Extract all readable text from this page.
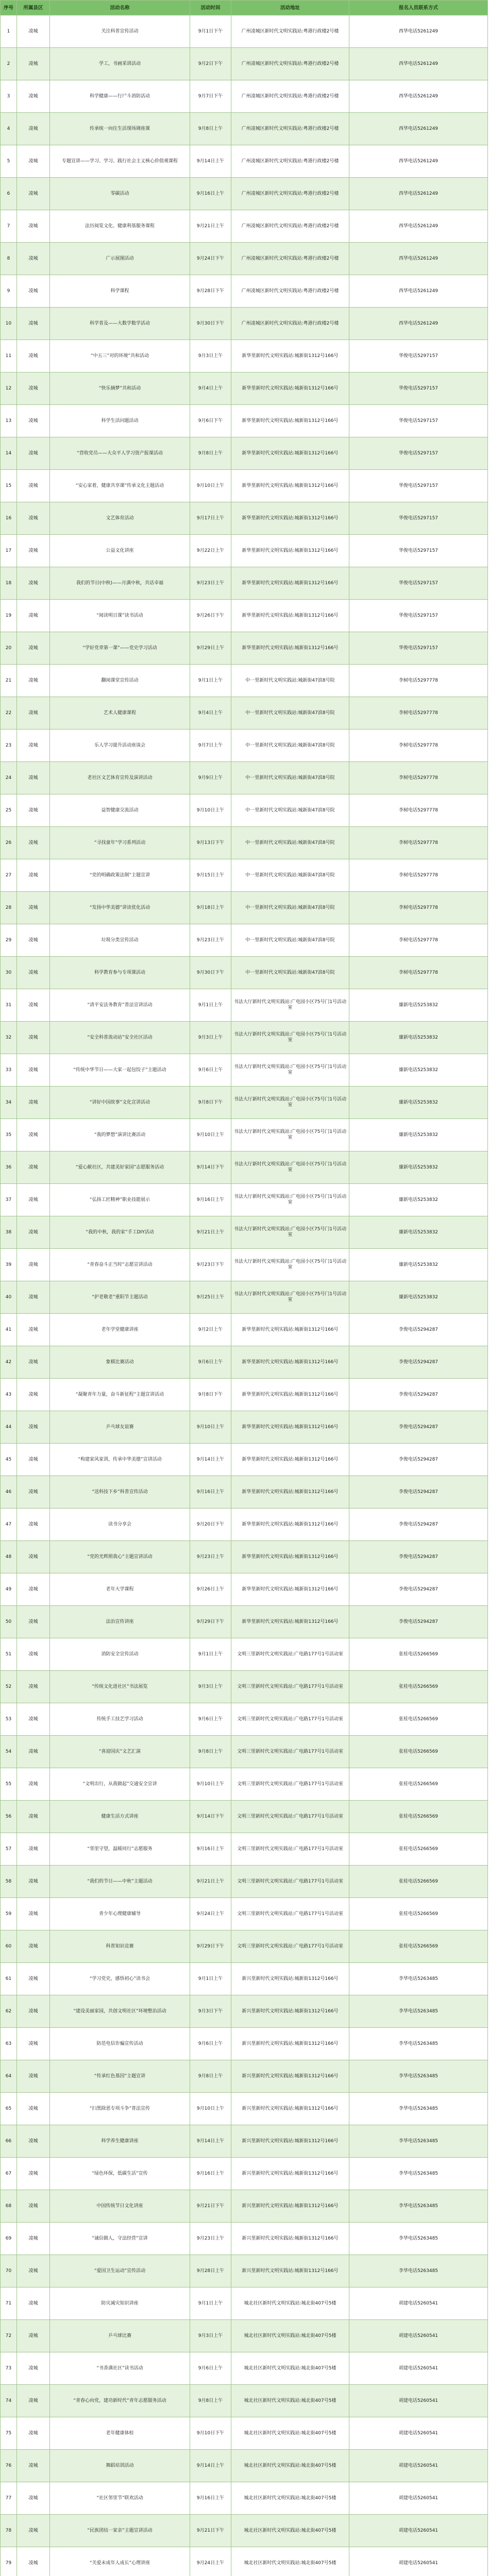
序号	所属县区	活动名称	活动时间	活动地址	报名人员联系方式
1	凌城	关注科普宣传活动	9月1日下午	广州凌城区新时代文明实践站:粤港行政楼2号楼	西华电话5261249
2	凌城	学工，书画采训活动	9月2日下午	广州凌城区新时代文明实践站:粤港行政楼2号楼	西华电话5261249
3	凌城	科学健康——行尸斗消防活动	9月7日下午	广州凌城区新时代文明实践站:粤港行政楼2号楼	西华电话5261249
4	凌城	传承统一向往生活现场调座课	9月8日上午	广州凌城区新时代文明实践站:粤港行政楼2号楼	西华电话5261249
5	凌城	专题宣讲——学习、学习、践行社会主义核心价值观课程	9月14日上午	广州凌城区新时代文明实践站:粤港行政楼2号楼	西华电话5261249
6	凌城	零碳活动	9月16日上午	广州凌城区新时代文明实践站:粤港行政楼2号楼	西华电话5261249
7	凌城	法历阅览文化、健康利基服务课程	9月21日上午	广州凌城区新时代文明实践站:粤港行政楼2号楼	西华电话5261249
8	凌城	广示展图活动	9月24日下午	广州凌城区新时代文明实践站:粤港行政楼2号楼	西华电话5261249
9	凌城	科学课程	9月28日下午	广州凌城区新时代文明实践站:粤港行政楼2号楼	西华电话5261249
10	凌城	科学普及——大数学数学活动	9月30日下午	广州凌城区新时代文明实践站:粤港行政楼2号楼	西华电话5261249
11	凌城	“中五三”对的环境”共和活动	9月3日上午	新华里新时代文明实践站:城新街1312号166号	华俊电话5297157
12	凌城	“快乐摘梦”共和活动	9月4日上午	新华里新时代文明实践站:城新街1312号166号	华俊电话5297157
13	凌城	科学生活问题活动	9月6日下午	新华里新时代文明实践站:城新街1312号166号	华俊电话5297157
14	凌城	“营收党员——大众平人学习资产报课活动	9月8日上午	新华里新时代文明实践站:城新街1312号166号	华俊电话5297157
15	凌城	“安心家着，健康共享课”传承文化主题活动	9月10日上午	新华里新时代文明实践站:城新街1312号166号	华俊电话5297157
16	凌城	文艺体育活动	9月17日上午	新华里新时代文明实践站:城新街1312号166号	华俊电话5297157
17	凌城	公益文化讲座	9月22日上午	新华里新时代文明实践站:城新街1312号166号	华俊电话5297157
18	凌城	我们的节日(中秋)——月满中秋，共话幸福	9月23日上午	新华里新时代文明实践站:城新街1312号166号	华俊电话5297157
19	凌城	“阅读明日课”读书活动	9月26日下午	新华里新时代文明实践站:城新街1312号166号	华俊电话5297157
20	凌城	“学好党章第一课”——党史学习活动	9月29日上午	新华里新时代文明实践站:城新街1312号166号	华俊电话5297157
21	凌城	翻阅课堂宣传活动	9月1日上午	中一里新时代文明实践站:城新街47滨8号院	李树电话5297778
22	凌城	艺术人健康课程	9月4日上午	中一里新时代文明实践站:城新街47滨8号院	李树电话5297778
23	凌城	乐人学习提升活动座谈会	9月7日上午	中一里新时代文明实践站:城新街47滨8号院	李树电话5297778
24	凌城	老社区文艺体育宣传及演讲活动	9月9日上午	中一里新时代文明实践站:城新街47滨8号院	李树电话5297778
25	凌城	益智健康交流活动	9月10日上午	中一里新时代文明实践站:城新街47滨8号院	李树电话5297778
26	凌城	“寻找童年”学习系列活动	9月13日下午	中一里新时代文明实践站:城新街47滨8号院	李树电话5297778
27	凌城	“党的明确政策法制”主题宣讲	9月15日上午	中一里新时代文明实践站:城新街47滨8号院	李树电话5297778
28	凌城	“发扬中华美德”讲读优化活动	9月18日上午	中一里新时代文明实践站:城新街47滨8号院	李树电话5297778
29	凌城	垃圾分类宣传活动	9月23日上午	中一里新时代文明实践站:城新街47滨8号院	李树电话5297778
30	凌城	科学教育参与专项课活动	9月30日下午	中一里新时代文明实践站:城新街47滨8号院	李树电话5297778
31	凌城	“清平安法务教育”普法宣讲活动	9月1日上午	书法大厅新时代文明实践站:广电园小区75号门1号活动室	廉新电话5253832
32	凌城	“安全科普流动站”安全社区活动	9月3日上午	书法大厅新时代文明实践站:广电园小区75号门1号活动室	廉新电话5253832
33	凌城	“传统中华节日——大家一起包饺子”主题活动	9月6日上午	书法大厅新时代文明实践站:广电园小区75号门1号活动室	廉新电话5253832
34	凌城	“讲好中国故事”文化宣讲活动	9月8日下午	书法大厅新时代文明实践站:广电园小区75号门1号活动室	廉新电话5253832
35	凌城	“我的梦想”演讲比赛活动	9月10日上午	书法大厅新时代文明实践站:广电园小区75号门1号活动室	廉新电话5253832
36	凌城	“爱心献社区，共建美好家园”志愿服务活动	9月14日下午	书法大厅新时代文明实践站:广电园小区75号门1号活动室	廉新电话5253832
37	凌城	“弘扬工匠精神”职业技能展示	9月16日上午	书法大厅新时代文明实践站:广电园小区75号门1号活动室	廉新电话5253832
38	凌城	“我的中秋，我的家”手工DIY活动	9月21日上午	书法大厅新时代文明实践站:广电园小区75号门1号活动室	廉新电话5253832
39	凌城	“青春奋斗正当时”志愿宣讲活动	9月23日下午	书法大厅新时代文明实践站:广电园小区75号门1号活动室	廉新电话5253832
40	凌城	“护老敬老”重阳节主题活动	9月25日上午	书法大厅新时代文明实践站:广电园小区75号门1号活动室	廉新电话5253832
41	凌城	老年学堂健康讲座	9月2日上午	新华里新时代文明实践站:城新街1312号166号	李俊电话5294287
42	凌城	象棋比赛活动	9月6日上午	新华里新时代文明实践站:城新街1312号166号	李俊电话5294287
43	凌城	“凝聚青年力量，奋斗新征程”主题宣讲活动	9月8日下午	新华里新时代文明实践站:城新街1312号166号	李俊电话5294287
44	凌城	乒乓球友谊赛	9月10日上午	新华里新时代文明实践站:城新街1312号166号	李俊电话5294287
45	凌城	“构建家风家训，传承中华美德”宣讲活动	9月14日上午	新华里新时代文明实践站:城新街1312号166号	李俊电话5294287
46	凌城	“送科技下乡”科普宣传活动	9月16日上午	新华里新时代文明实践站:城新街1312号166号	李俊电话5294287
47	凌城	读书分享会	9月20日下午	新华里新时代文明实践站:城新街1312号166号	李俊电话5294287
48	凌城	“党的光辉照我心”主题宣讲活动	9月23日上午	新华里新时代文明实践站:城新街1312号166号	李俊电话5294287
49	凌城	老年大学课程	9月26日上午	新华里新时代文明实践站:城新街1312号166号	李俊电话5294287
50	凌城	法治宣传讲座	9月29日下午	新华里新时代文明实践站:城新街1312号166号	李俊电话5294287
51	凌城	消防安全宣传活动	9月1日上午	文明三里新时代文明实践站:广电路177号1号活动室	张桂电话5266569
52	凌城	“传统文化进社区”书法展览	9月3日上午	文明三里新时代文明实践站:广电路177号1号活动室	张桂电话5266569
53	凌城	传统手工技艺学习活动	9月6日上午	文明三里新时代文明实践站:广电路177号1号活动室	张桂电话5266569
54	凌城	“喜迎国庆”文艺汇演	9月8日上午	文明三里新时代文明实践站:广电路177号1号活动室	张桂电话5266569
55	凌城	“文明出行，从我做起”交通安全宣讲	9月10日上午	文明三里新时代文明实践站:广电路177号1号活动室	张桂电话5266569
56	凌城	健康生活方式讲座	9月14日下午	文明三里新时代文明实践站:广电路177号1号活动室	张桂电话5266569
57	凌城	“邻里守望，温暖同行”志愿服务	9月16日上午	文明三里新时代文明实践站:广电路177号1号活动室	张桂电话5266569
58	凌城	“我们的节日——中秋”主题活动	9月21日上午	文明三里新时代文明实践站:广电路177号1号活动室	张桂电话5266569
59	凌城	青少年心理健康辅导	9月24日上午	文明三里新时代文明实践站:广电路177号1号活动室	张桂电话5266569
60	凌城	科普知识竞赛	9月29日下午	文明三里新时代文明实践站:广电路177号1号活动室	张桂电话5266569
61	凌城	“学习党史，感悟初心”读书会	9月1日上午	新兴里新时代文明实践站:城新街1312号166号	李华电话5263485
62	凌城	“建设美丽家园，共创文明社区”环境整治活动	9月3日下午	新兴里新时代文明实践站:城新街1312号166号	李华电话5263485
63	凌城	防范电信诈骗宣传活动	9月6日上午	新兴里新时代文明实践站:城新街1312号166号	李华电话5263485
64	凌城	“传承红色基因”主题宣讲	9月8日上午	新兴里新时代文明实践站:城新街1312号166号	李华电话5263485
65	凌城	“扫黑除恶专项斗争”普法宣传	9月10日上午	新兴里新时代文明实践站:城新街1312号166号	李华电话5263485
66	凌城	科学养生健康讲座	9月14日上午	新兴里新时代文明实践站:城新街1312号166号	李华电话5263485
67	凌城	“绿色环保，低碳生活”宣传	9月16日上午	新兴里新时代文明实践站:城新街1312号166号	李华电话5263485
68	凌城	中国传统节日文化讲座	9月21日下午	新兴里新时代文明实践站:城新街1312号166号	李华电话5263485
69	凌城	“诚信做人，守法经营”宣讲	9月23日上午	新兴里新时代文明实践站:城新街1312号166号	李华电话5263485
70	凌城	“爱国卫生运动”宣传活动	9月28日上午	新兴里新时代文明实践站:城新街1312号166号	李华电话5263485
71	凌城	防灾减灾知识讲座	9月1日上午	城北社区新时代文明实践站:城北街407号5楼	胡建电话5260541
72	凌城	乒乓球比赛	9月3日上午	城北社区新时代文明实践站:城北街407号5楼	胡建电话5260541
73	凌城	“书香满社区”读书活动	9月6日上午	城北社区新时代文明实践站:城北街407号5楼	胡建电话5260541
74	凌城	“青春心向党，建功新时代”青年志愿服务活动	9月8日上午	城北社区新时代文明实践站:城北街407号5楼	胡建电话5260541
75	凌城	老年健康体检	9月10日下午	城北社区新时代文明实践站:城北街407号5楼	胡建电话5260541
76	凌城	舞蹈培训活动	9月14日上午	城北社区新时代文明实践站:城北街407号5楼	胡建电话5260541
77	凌城	“社区邻里节”联欢活动	9月16日上午	城北社区新时代文明实践站:城北街407号5楼	胡建电话5260541
78	凌城	“民族团结一家亲”主题宣讲活动	9月21日下午	城北社区新时代文明实践站:城北街407号5楼	胡建电话5260541
79	凌城	“关爱未成年人成长”心理讲座	9月24日上午	城北社区新时代文明实践站:城北街407号5楼	胡建电话5260541
